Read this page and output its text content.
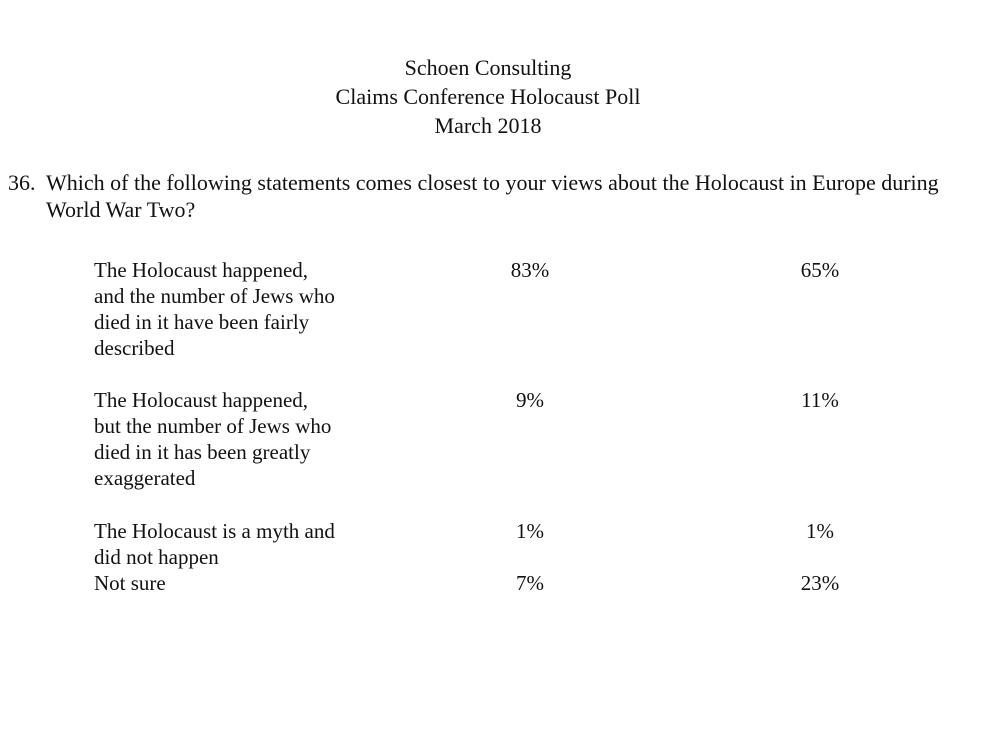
Schoen Consulting
Claims Conference Holocaust Poll
March 2018
36. Which of the following statements comes closest to your views about the Holocaust in Europe during World War Two?
The Holocaust happened,
and the number of Jews who
died in it have been fairly
described
83%	65%
The Holocaust happened,
but the number of Jews who
died in it has been greatly
exaggerated
9%	11%
The Holocaust is a myth and
did not happen
1%	1%
Not sure	7%	23%
